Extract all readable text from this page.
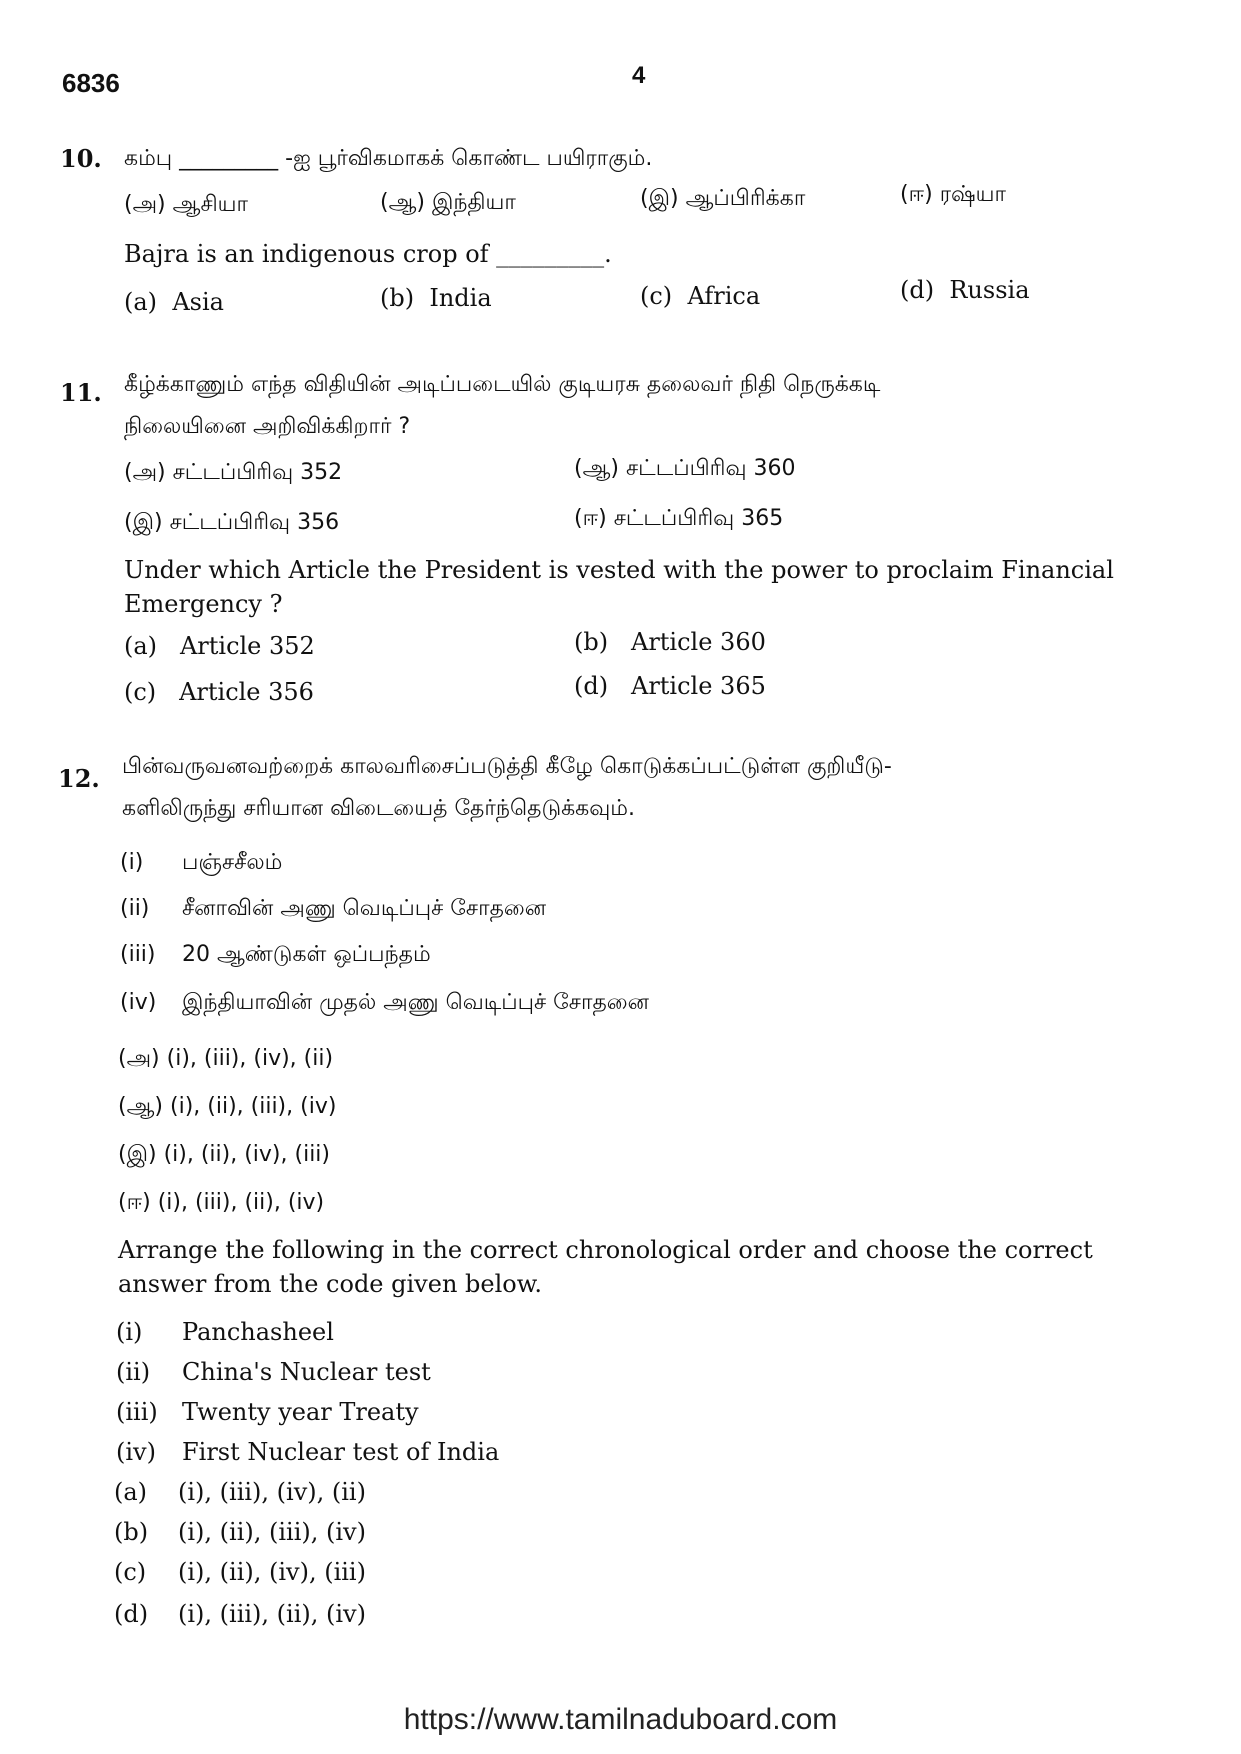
6836	4
10. கம்பு _________ -ஐ பூர்விகமாகக் கொண்ட பயிராகும்.
(அ) ஆசியா	(ஆ) இந்தியா	(இ) ஆப்பிரிக்கா	(ஈ) ரஷ்யா
Bajra is an indigenous crop of _________.
(a) Asia	(b) India	(c) Africa	(d) Russia
11. கீழ்க்காணும் எந்த விதியின் அடிப்படையில் குடியரசு தலைவர் நிதி நெருக்கடி
நிலையினை அறிவிக்கிறார் ?
(அ) சட்டப்பிரிவு 352	(ஆ) சட்டப்பிரிவு 360
(இ) சட்டப்பிரிவு 356	(ஈ) சட்டப்பிரிவு 365
Under which Article the President is vested with the power to proclaim Financial
Emergency ?
(a) Article 352	(b) Article 360
(c) Article 356	(d) Article 365
12. பின்வருவனவற்றைக் காலவரிசைப்படுத்தி கீழே கொடுக்கப்பட்டுள்ள குறியீடு-
களிலிருந்து சரியான விடையைத் தேர்ந்தெடுக்கவும்.
(i) பஞ்சசீலம்
(ii) சீனாவின் அணு வெடிப்புச் சோதனை
(iii) 20 ஆண்டுகள் ஒப்பந்தம்
(iv) இந்தியாவின் முதல் அணு வெடிப்புச் சோதனை
(அ) (i), (iii), (iv), (ii)
(ஆ) (i), (ii), (iii), (iv)
(இ) (i), (ii), (iv), (iii)
(ஈ) (i), (iii), (ii), (iv)
Arrange the following in the correct chronological order and choose the correct
answer from the code given below.
(i) Panchasheel
(ii) China's Nuclear test
(iii) Twenty year Treaty
(iv) First Nuclear test of India
(a) (i), (iii), (iv), (ii)
(b) (i), (ii), (iii), (iv)
(c) (i), (ii), (iv), (iii)
(d) (i), (iii), (ii), (iv)
https://www.tamilnaduboard.com
